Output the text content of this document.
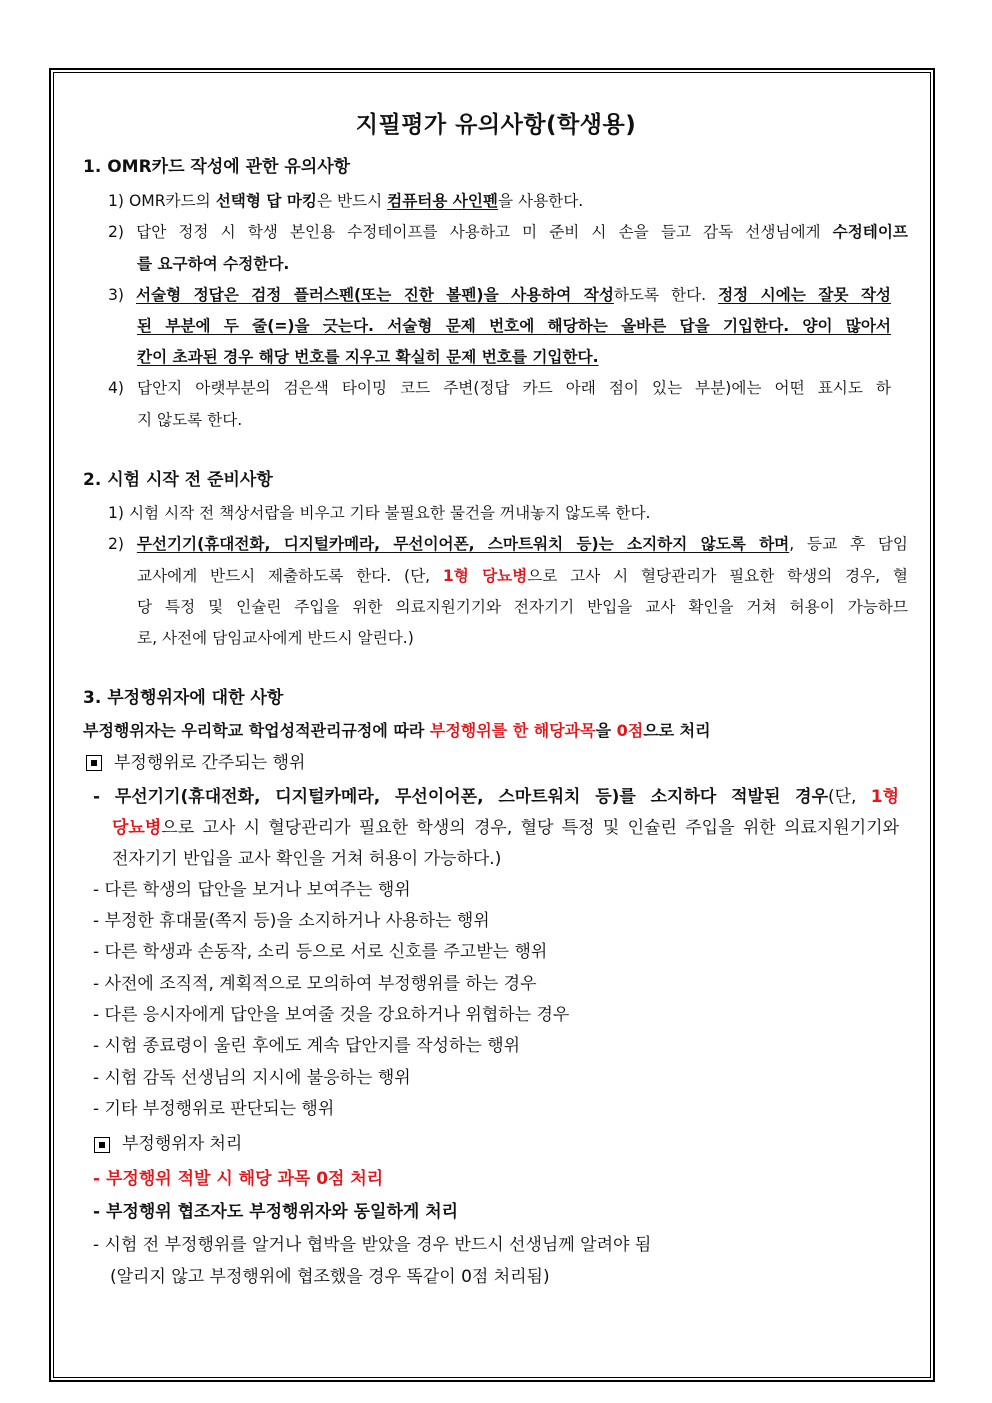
지필평가 유의사항(학생용)
1. OMR카드 작성에 관한 유의사항
1) OMR카드의 선택형 답 마킹은 반드시 컴퓨터용 사인펜을 사용한다.
2) 답안 정정 시 학생 본인용 수정테이프를 사용하고 미 준비 시 손을 들고 감독 선생님에게 수정테이프
를 요구하여 수정한다.
3) 서술형 정답은 검정 플러스펜(또는 진한 볼펜)을 사용하여 작성하도록 한다. 정정 시에는 잘못 작성
된 부분에 두 줄(=)을 긋는다. 서술형 문제 번호에 해당하는 올바른 답을 기입한다. 양이 많아서
칸이 초과된 경우 해당 번호를 지우고 확실히 문제 번호를 기입한다.
4) 답안지 아랫부분의 검은색 타이밍 코드 주변(정답 카드 아래 점이 있는 부분)에는 어떤 표시도 하
지 않도록 한다.
2. 시험 시작 전 준비사항
1) 시험 시작 전 책상서랍을 비우고 기타 불필요한 물건을 꺼내놓지 않도록 한다.
2) 무선기기(휴대전화, 디지털카메라, 무선이어폰, 스마트워치 등)는 소지하지 않도록 하며, 등교 후 담임
교사에게 반드시 제출하도록 한다. (단, 1형 당뇨병으로 고사 시 혈당관리가 필요한 학생의 경우, 혈
당 특정 및 인슐린 주입을 위한 의료지원기기와 전자기기 반입을 교사 확인을 거쳐 허용이 가능하므
로, 사전에 담임교사에게 반드시 알린다.)
3. 부정행위자에 대한 사항
부정행위자는 우리학교 학업성적관리규정에 따라 부정행위를 한 해당과목을 0점으로 처리
부정행위로 간주되는 행위
- 무선기기(휴대전화, 디지털카메라, 무선이어폰, 스마트워치 등)를 소지하다 적발된 경우(단, 1형
당뇨병으로 고사 시 혈당관리가 필요한 학생의 경우, 혈당 특정 및 인슐린 주입을 위한 의료지원기기와
전자기기 반입을 교사 확인을 거쳐 허용이 가능하다.)
- 다른 학생의 답안을 보거나 보여주는 행위
- 부정한 휴대물(쪽지 등)을 소지하거나 사용하는 행위
- 다른 학생과 손동작, 소리 등으로 서로 신호를 주고받는 행위
- 사전에 조직적, 계획적으로 모의하여 부정행위를 하는 경우
- 다른 응시자에게 답안을 보여줄 것을 강요하거나 위협하는 경우
- 시험 종료령이 울린 후에도 계속 답안지를 작성하는 행위
- 시험 감독 선생님의 지시에 불응하는 행위
- 기타 부정행위로 판단되는 행위
부정행위자 처리
- 부정행위 적발 시 해당 과목 0점 처리
- 부정행위 협조자도 부정행위자와 동일하게 처리
- 시험 전 부정행위를 알거나 협박을 받았을 경우 반드시 선생님께 알려야 됨
(알리지 않고 부정행위에 협조했을 경우 똑같이 0점 처리됨)
